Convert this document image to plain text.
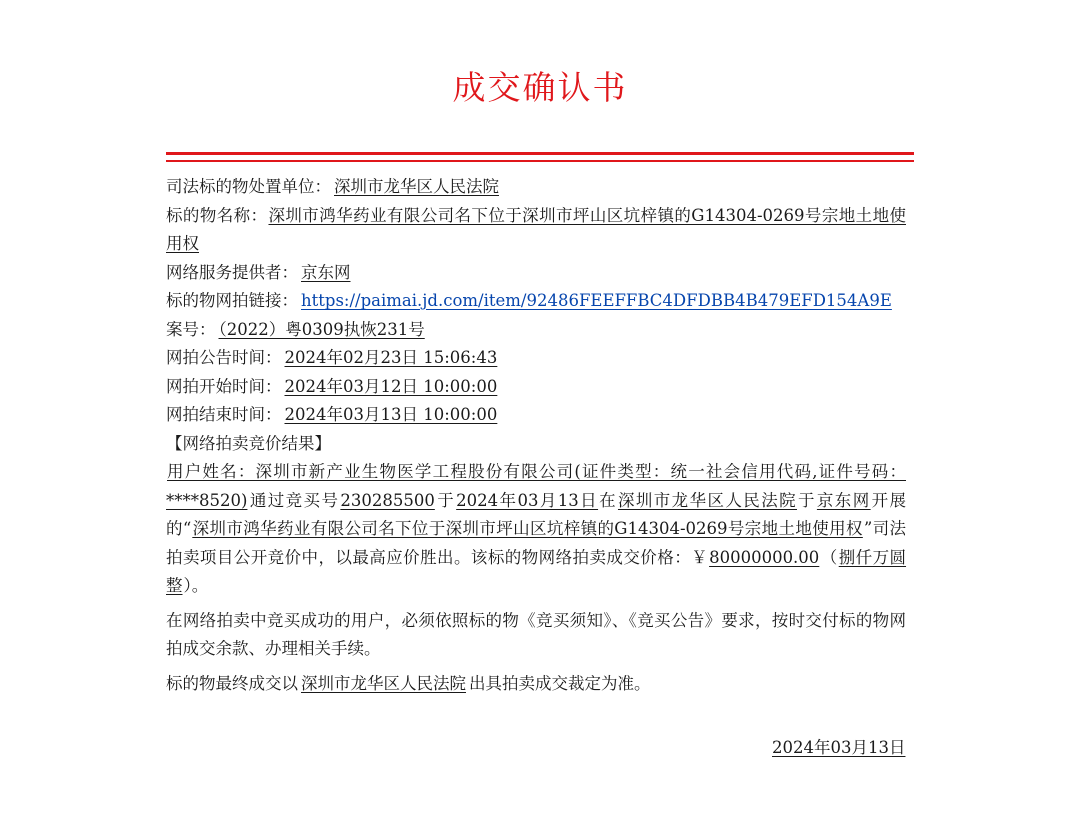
成交确认书
司法标的物处置单位： 深圳市龙华区人民法院

标的物名称：深圳市鸿华药业有限公司名下位于深圳市坪山区坑梓镇的G14304-0269号宗地土地使用权

网络服务提供者： 京东网
标的物网拍链接： https://paimai.jd.com/item/92486FEEFFBC4DFDBB4B479EFD154A9E
案号： （2022）粤0309执恢231号
网拍公告时间： 2024年02月23日 15:06:43
网拍开始时间： 2024年03月12日 10:00:00
网拍结束时间： 2024年03月13日 10:00:00
【网络拍卖竞价结果】

用户姓名：深圳市新产业生物医学工程股份有限公司(证件类型：统一社会信用代码,证件号码：****8520)通过竞买号230285500于2024年03月13日在深圳市龙华区人民法院于京东网开展的“深圳市鸿华药业有限公司名下位于深圳市坪山区坑梓镇的G14304-0269号宗地土地使用权”司法拍卖项目公开竞价中，以最高应价胜出。该标的物网络拍卖成交价格：￥80000000.00（捌仟万圆整）。

在网络拍卖中竞买成功的用户，必须依照标的物《竞买须知》、《竞买公告》要求，按时交付标的物网拍成交余款、办理相关手续。

标的物最终成交以 深圳市龙华区人民法院 出具拍卖成交裁定为准。
2024年03月13日
